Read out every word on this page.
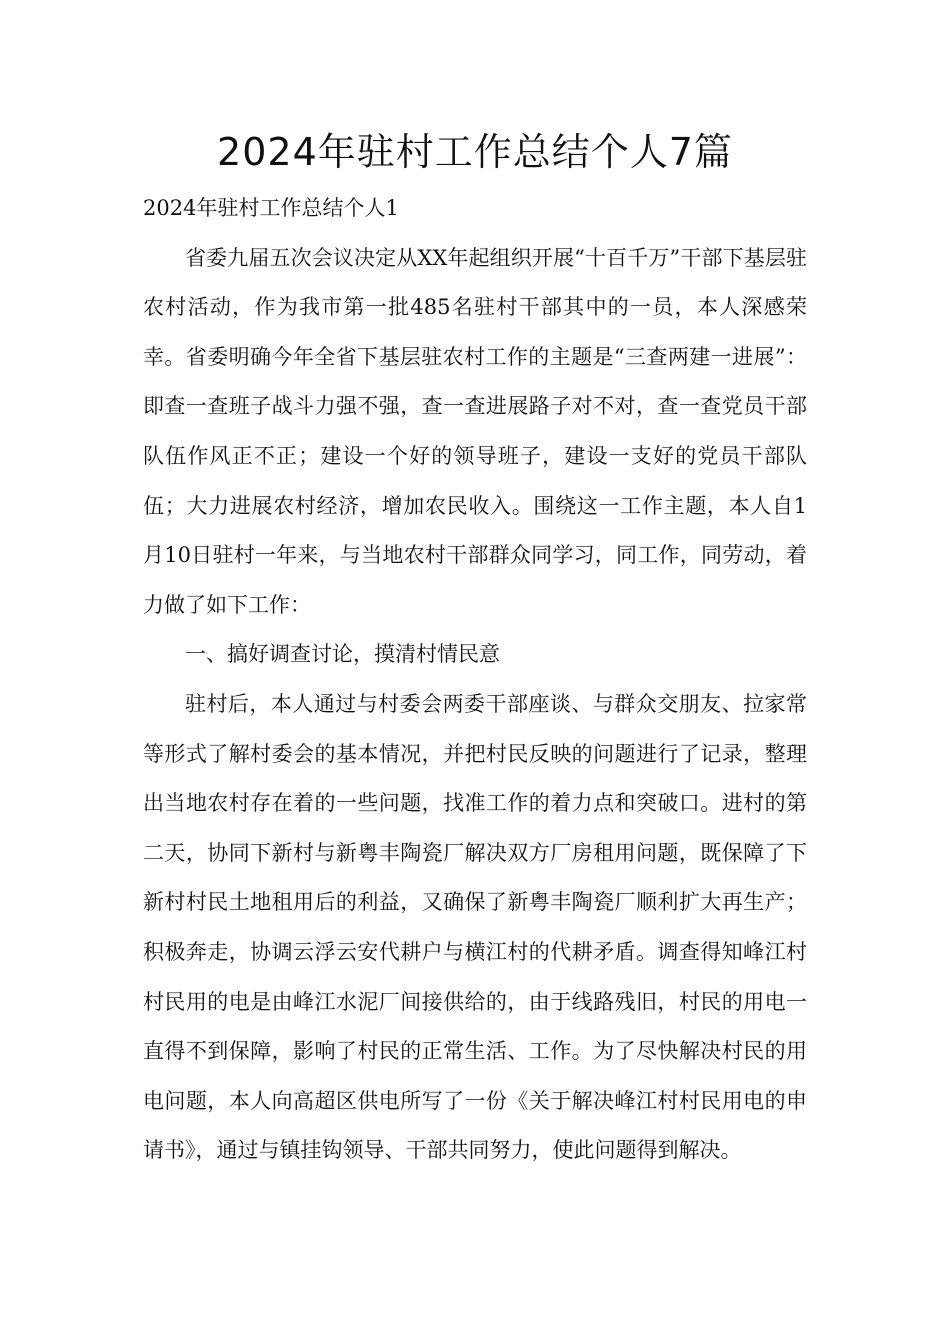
2024年驻村工作总结个人7篇

2024年驻村工作总结个人1

省委九届五次会议决定从XX年起组织开展“十百千万”干部下基层驻农村活动，作为我市第一批485名驻村干部其中的一员，本人深感荣幸。省委明确今年全省下基层驻农村工作的主题是“三查两建一进展”：即查一查班子战斗力强不强，查一查进展路子对不对，查一查党员干部队伍作风正不正；建设一个好的领导班子，建设一支好的党员干部队伍；大力进展农村经济，增加农民收入。围绕这一工作主题，本人自1月10日驻村一年来，与当地农村干部群众同学习，同工作，同劳动，着力做了如下工作：

一、搞好调查讨论，摸清村情民意

驻村后，本人通过与村委会两委干部座谈、与群众交朋友、拉家常等形式了解村委会的基本情况，并把村民反映的问题进行了记录，整理出当地农村存在着的一些问题，找准工作的着力点和突破口。进村的第二天，协同下新村与新粤丰陶瓷厂解决双方厂房租用问题，既保障了下新村村民土地租用后的利益，又确保了新粤丰陶瓷厂顺利扩大再生产；积极奔走，协调云浮云安代耕户与横江村的代耕矛盾。调查得知峰江村村民用的电是由峰江水泥厂间接供给的，由于线路残旧，村民的用电一直得不到保障，影响了村民的正常生活、工作。为了尽快解决村民的用电问题，本人向高超区供电所写了一份《关于解决峰江村村民用电的申请书》，通过与镇挂钩领导、干部共同努力，使此问题得到解决。
